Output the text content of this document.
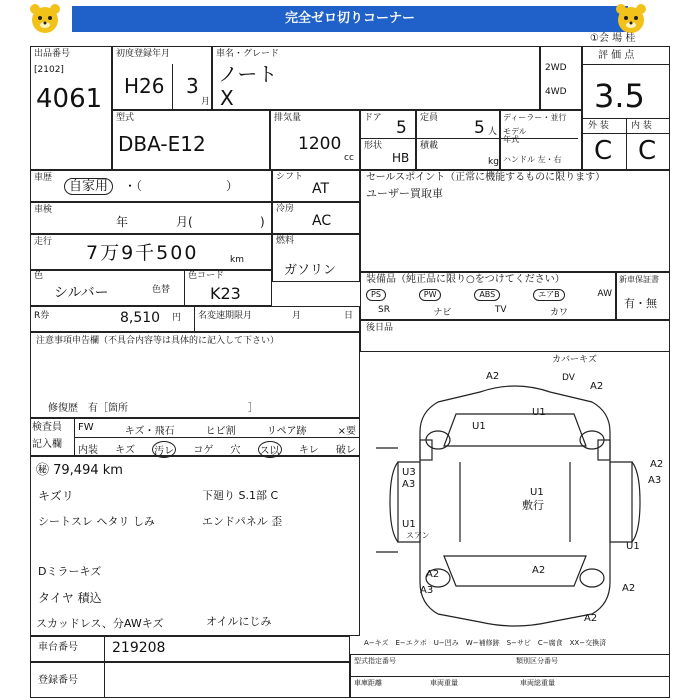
完全ゼロ切りコーナー
出品番号
[2102]
4061
初度登録年月
H26 3
月
車名・グレード
ノート
X
2WD
4WD
①会 場 桂
評 価 点
3.5
外 装 内 装
C C
型式
DBA-E12
排気量
1200
cc
ドア 5
形状
HB
定員 5 人
積載
kg
ディーラー・並行
モデル
年式
ハンドル 左・右
車歴
自家用	・（　　　　　　　）
シフト
AT
セールスポイント（正常に機能するものに限ります）
ユーザー買取車
車検
年	月(	)
冷房
AC
走行 7万9千500	km
燃料
ガソリン
色
シルバー	色替
色コード
K23
装備品（純正品に限り○をつけてください）
PS	PW	ABS	エアB	AW
SR	ナビ	TV	カワ
新車保証書
有・無
R券	8,510 円 名変速期限月	月	日
後日品
注意事項申告欄（不具合内容等は具体的に記入して下さい）
修復歴　有［箇所　　　　　　　　　　　　］
検査員
記入欄
FW	キズ・飛石	ヒビ割	リペア跡	×要
内装 キズ 汚レ コゲ 穴 ス以 キレ 破レ
㊙ 79,494 km
キズリ
シートスレ ヘタリ しみ
Dミラーキズ
タイヤ 積込
スカッドレス、分AWキズ
下廻り S.1部 C
エンドパネル 歪
オイルにじみ
A2
カバーキズ
A2
DV
A2
U1
U1
U3
A3	A3
U1
敷行
U1
スアン
A2	A2
A3	A2
A2
U1
A−キズ　E−エクボ　U−凹み　W−補修跡　S−サビ　C−腐食　XX−交換済
車台番号 219208
登録番号
型式指定番号	類別区分番号
車庫距離	車両重量	車両総重量
